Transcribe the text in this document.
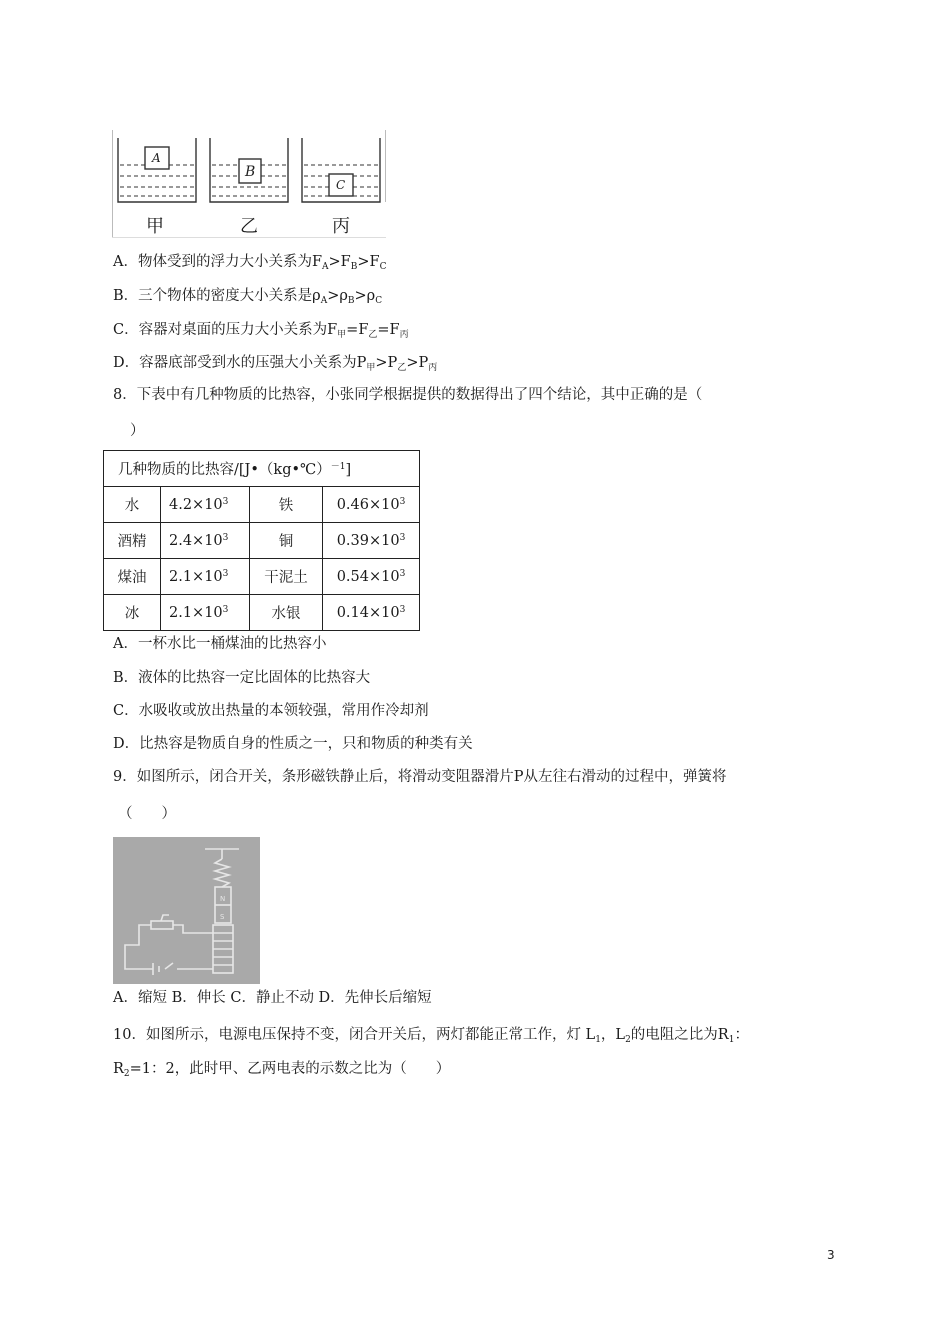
A
B
C
甲	乙	丙
A．物体受到的浮力大小关系为$F_A>F_B>F_C$
B．三个物体的密度大小关系是$\rho_A>\rho_B>\rho_C$
C．容器对桌面的压力大小关系为$F_甲=F_乙=F_丙$
D．容器底部受到水的压强大小关系为$P_甲>P_乙>P_丙$
8．下表中有几种物质的比热容，小张同学根据提供的数据得出了四个结论，其中正确的是（
）
几种物质的比热容/[J•（kg•℃）$^{-1}$]			
水	$4.2\times 10^3$	铁	$0.46\times 10^3$
酒精	$2.4\times 10^3$	铜	$0.39\times 10^3$
煤油	$2.1\times 10^3$	干泥土	$0.54\times 10^3$
冰	$2.1\times 10^3$	水银	$0.14\times 10^3$
A．一杯水比一桶煤油的比热容小
B．液体的比热容一定比固体的比热容大
C．水吸收或放出热量的本领较强，常用作冷却剂
D．比热容是物质自身的性质之一，只和物质的种类有关
9．如图所示，闭合开关，条形磁铁静止后，将滑动变阻器滑片P从左往右滑动的过程中，弹簧将
（　　）
N
S
A．缩短 B．伸长 C．静止不动 D．先伸长后缩短
10．如图所示，电源电压保持不变，闭合开关后，两灯都能正常工作，灯 $L_1$，$L_2$的电阻之比为$R_1$：
$R_2=1$：2，此时甲、乙两电表的示数之比为（　　）
3
